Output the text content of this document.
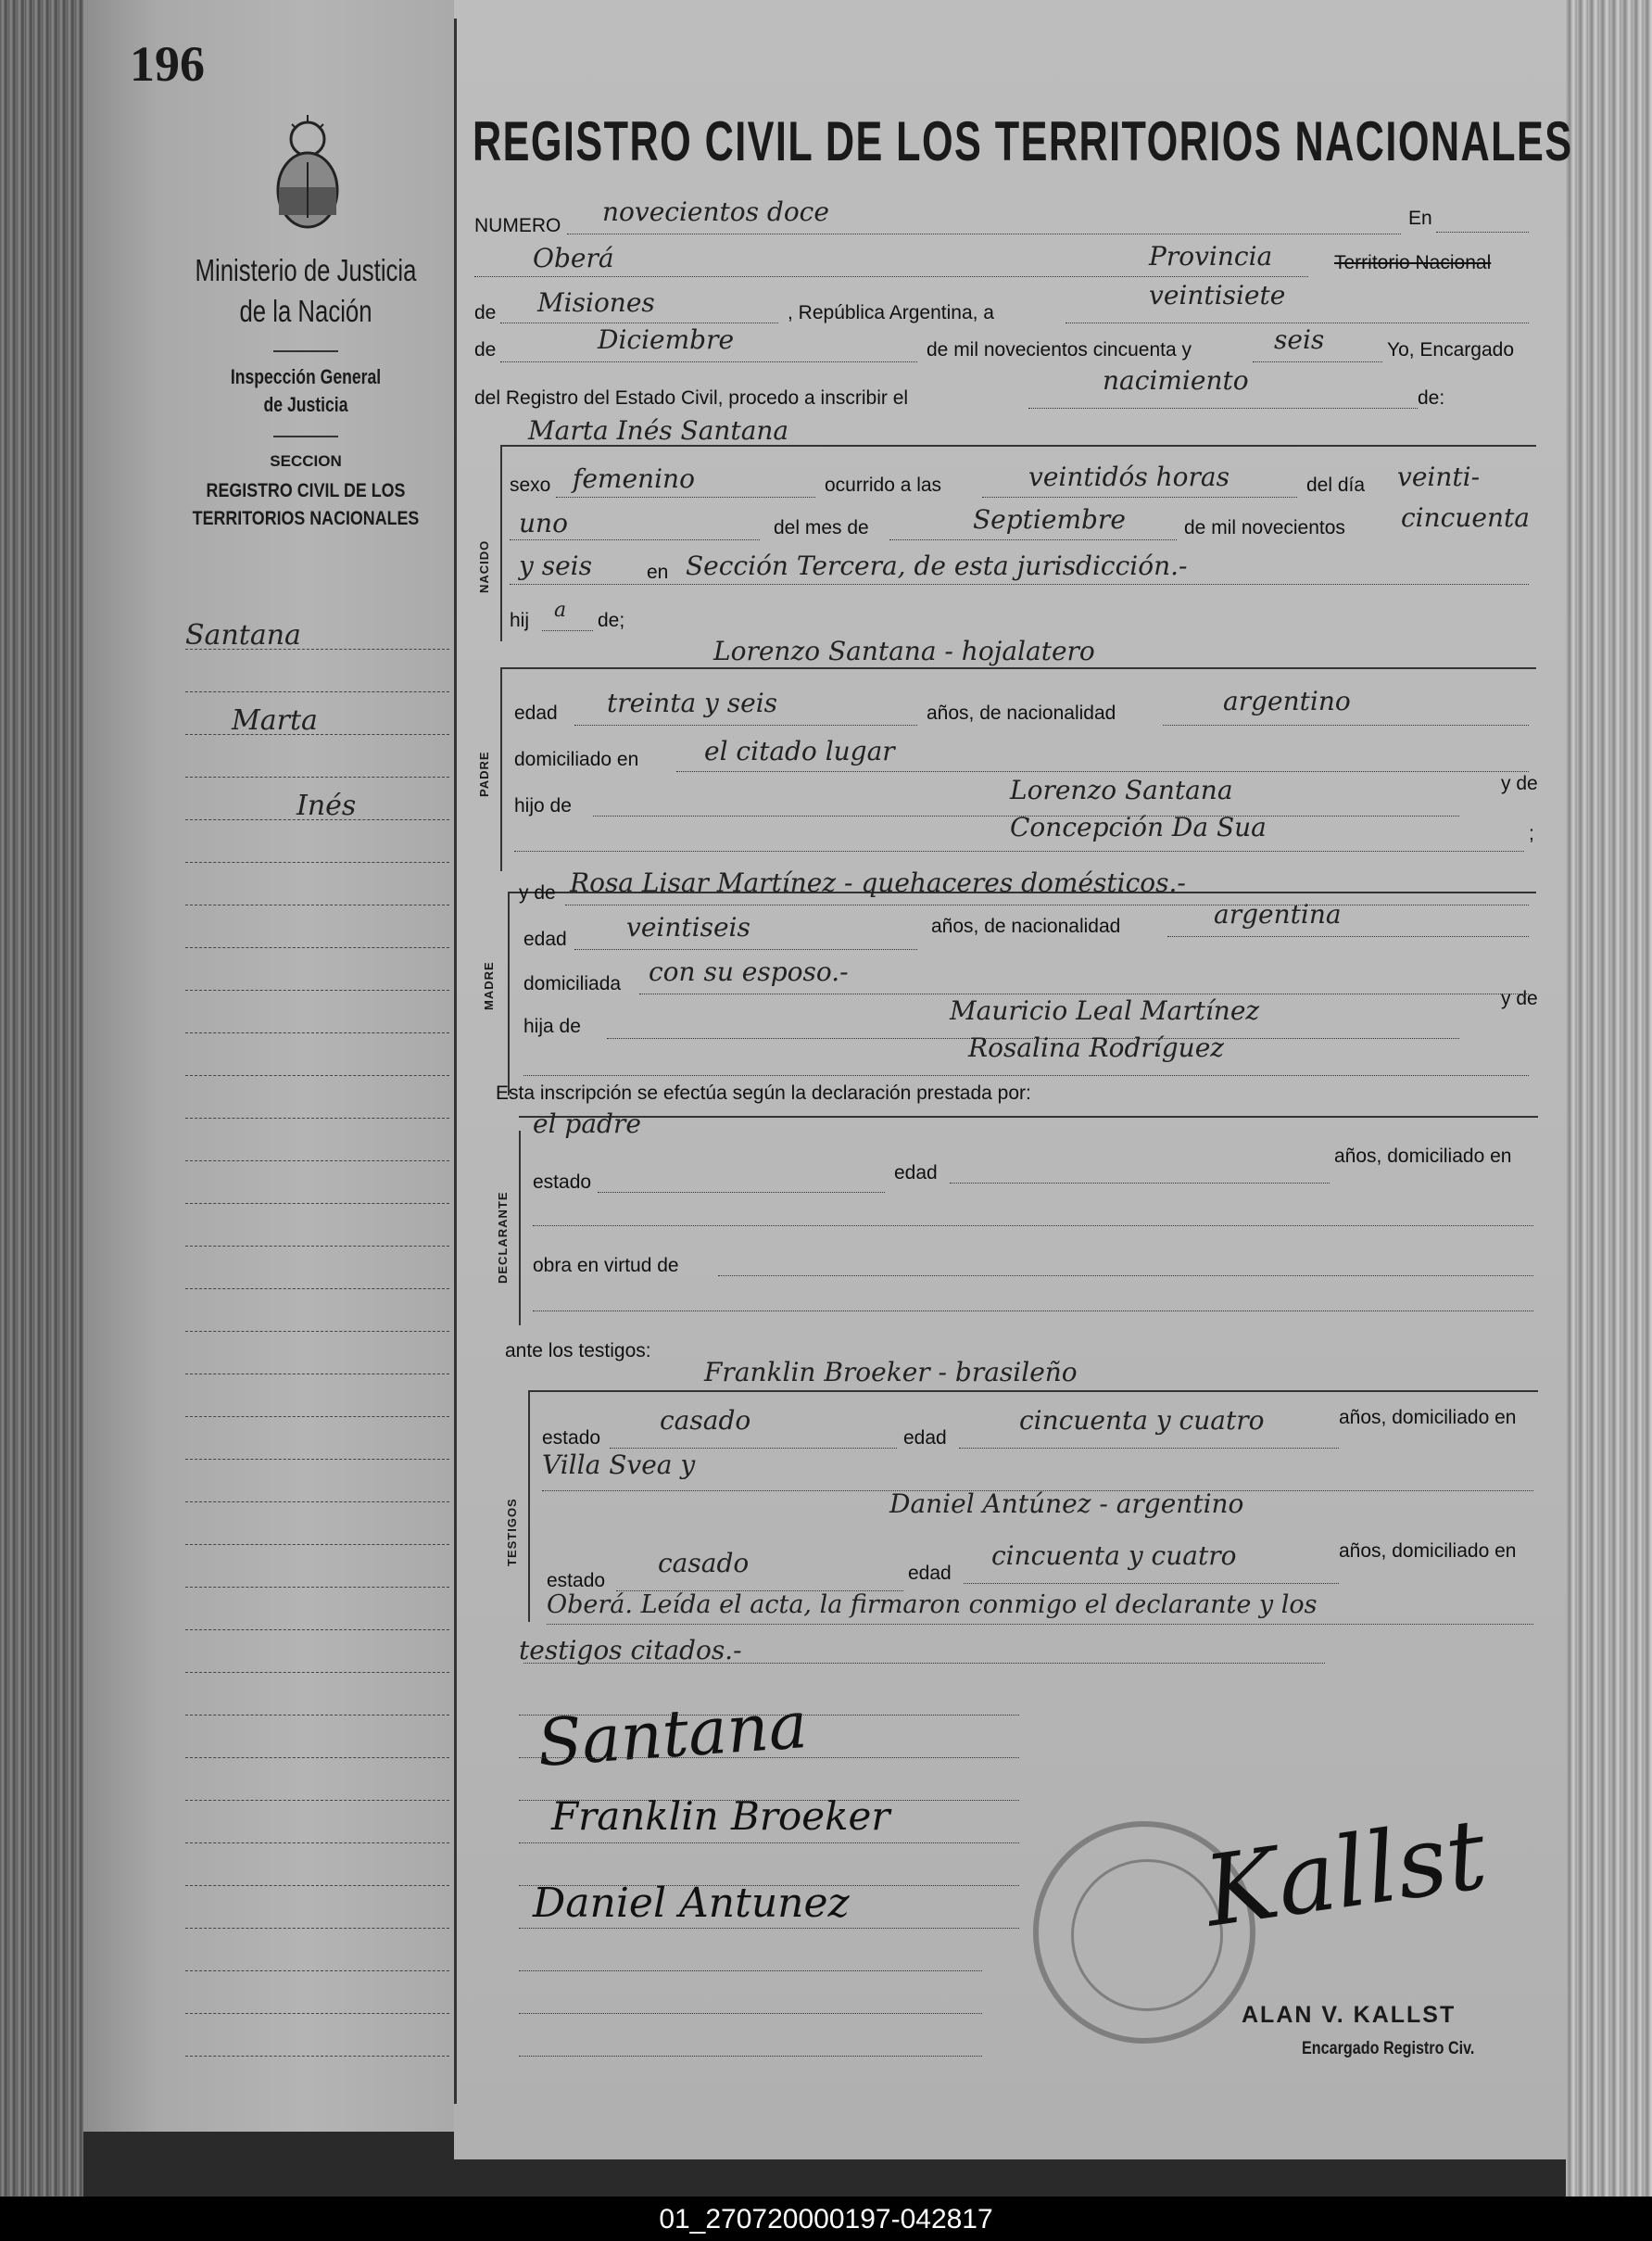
196
Ministerio de Justicia
de la Nación
Inspección General
de Justicia
SECCION
REGISTRO CIVIL DE LOS
TERRITORIOS NACIONALES
Santana
Marta
Inés
REGISTRO CIVIL DE LOS TERRITORIOS NACIONALES
NUMERO novecientos doce	En
Oberá	Provincia	Territorio Nacional
de Misiones	, República Argentina, a
veintisiete
de	Diciembre	de mil novecientos cincuenta y	seis	Yo, Encargado
del Registro del Estado Civil, procedo a inscribir el
nacimiento
de:
NACIDO
Marta Inés Santana
sexo femenino	ocurrido a las	veintidós horas	del día veinti-
uno	del mes de	Septiembre	de mil novecientos cincuenta
y seis	en Sección Tercera, de esta jurisdicción.-
hij a de;
PADRE
Lorenzo Santana - hojalatero
edad treinta y seis	años, de nacionalidad	argentino
domiciliado en	el citado lugar
hijo de
Lorenzo Santana	y de
Concepción Da Sua	;
MADRE
y de Rosa Lisar Martínez - quehaceres domésticos.-
edad veintiseis	años, de nacionalidad	argentina
domiciliada con su esposo.-
hija de
Mauricio Leal Martínez	y de
Rosalina Rodríguez
Esta inscripción se efectúa según la declaración prestada por:
DECLARANTE
el padre
estado	edad
años, domiciliado en
obra en virtud de
ante los testigos:
TESTIGOS
Franklin Broeker - brasileño
estado
casado
edad
cincuenta y cuatro	años, domiciliado en
Villa Svea y
Daniel Antúnez - argentino
estado
casado	edad
cincuenta y cuatro	años, domiciliado en
Oberá. Leída el acta, la firmaron conmigo el declarante y los
testigos citados.-
Santana
Franklin Broeker
Daniel Antunez	Kallst
ALAN V. KALLST
Encargado Registro Civ.
01_270720000197-042817
